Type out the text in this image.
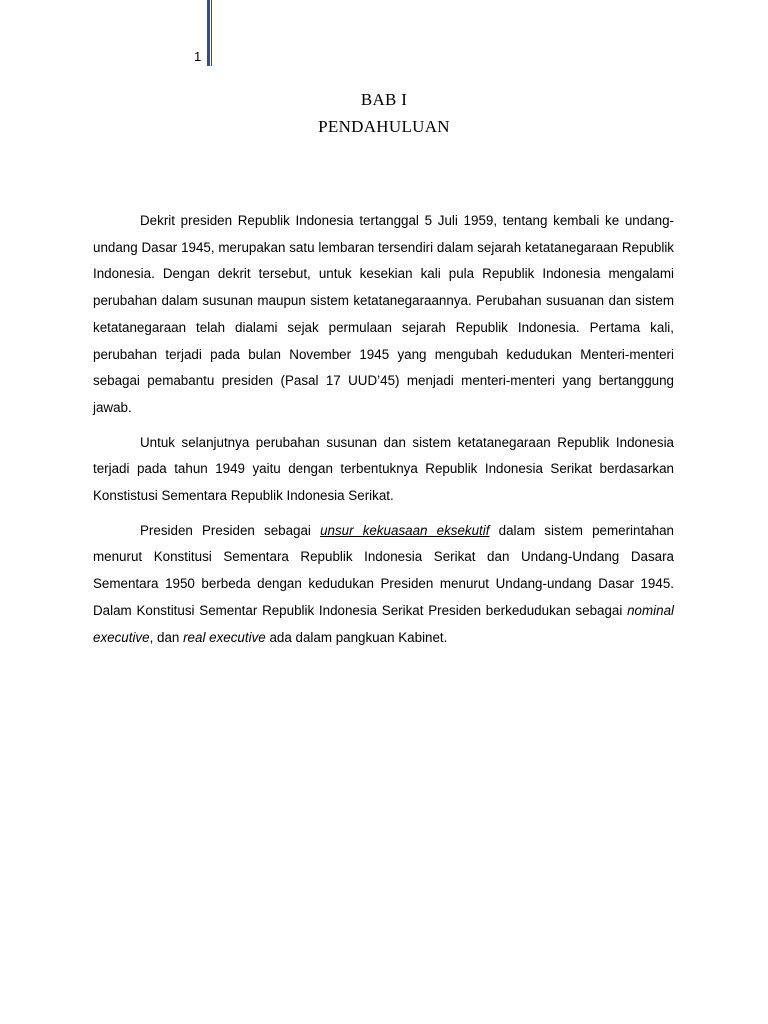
1
BAB I
PENDAHULUAN

Dekrit presiden Republik Indonesia tertanggal 5 Juli 1959, tentang kembali ke undang-undang Dasar 1945, merupakan satu lembaran tersendiri dalam sejarah ketatanegaraan Republik Indonesia. Dengan dekrit tersebut, untuk kesekian kali pula Republik Indonesia mengalami perubahan dalam susunan maupun sistem ketatanegaraannya. Perubahan susuanan dan sistem ketatanegaraan telah dialami sejak permulaan sejarah Republik Indonesia. Pertama kali, perubahan terjadi pada bulan November 1945 yang mengubah kedudukan Menteri-menteri sebagai pemabantu presiden (Pasal 17 UUD’45) menjadi menteri-menteri yang bertanggung jawab.

Untuk selanjutnya perubahan susunan dan sistem ketatanegaraan Republik Indonesia terjadi pada tahun 1949 yaitu dengan terbentuknya Republik Indonesia Serikat berdasarkan Konstistusi Sementara Republik Indonesia Serikat.

Presiden Presiden sebagai unsur kekuasaan eksekutif dalam sistem pemerintahan menurut Konstitusi Sementara Republik Indonesia Serikat dan Undang-Undang Dasara Sementara 1950 berbeda dengan kedudukan Presiden menurut Undang-undang Dasar 1945. Dalam Konstitusi Sementar Republik Indonesia Serikat Presiden berkedudukan sebagai nominal executive, dan real executive ada dalam pangkuan Kabinet.
